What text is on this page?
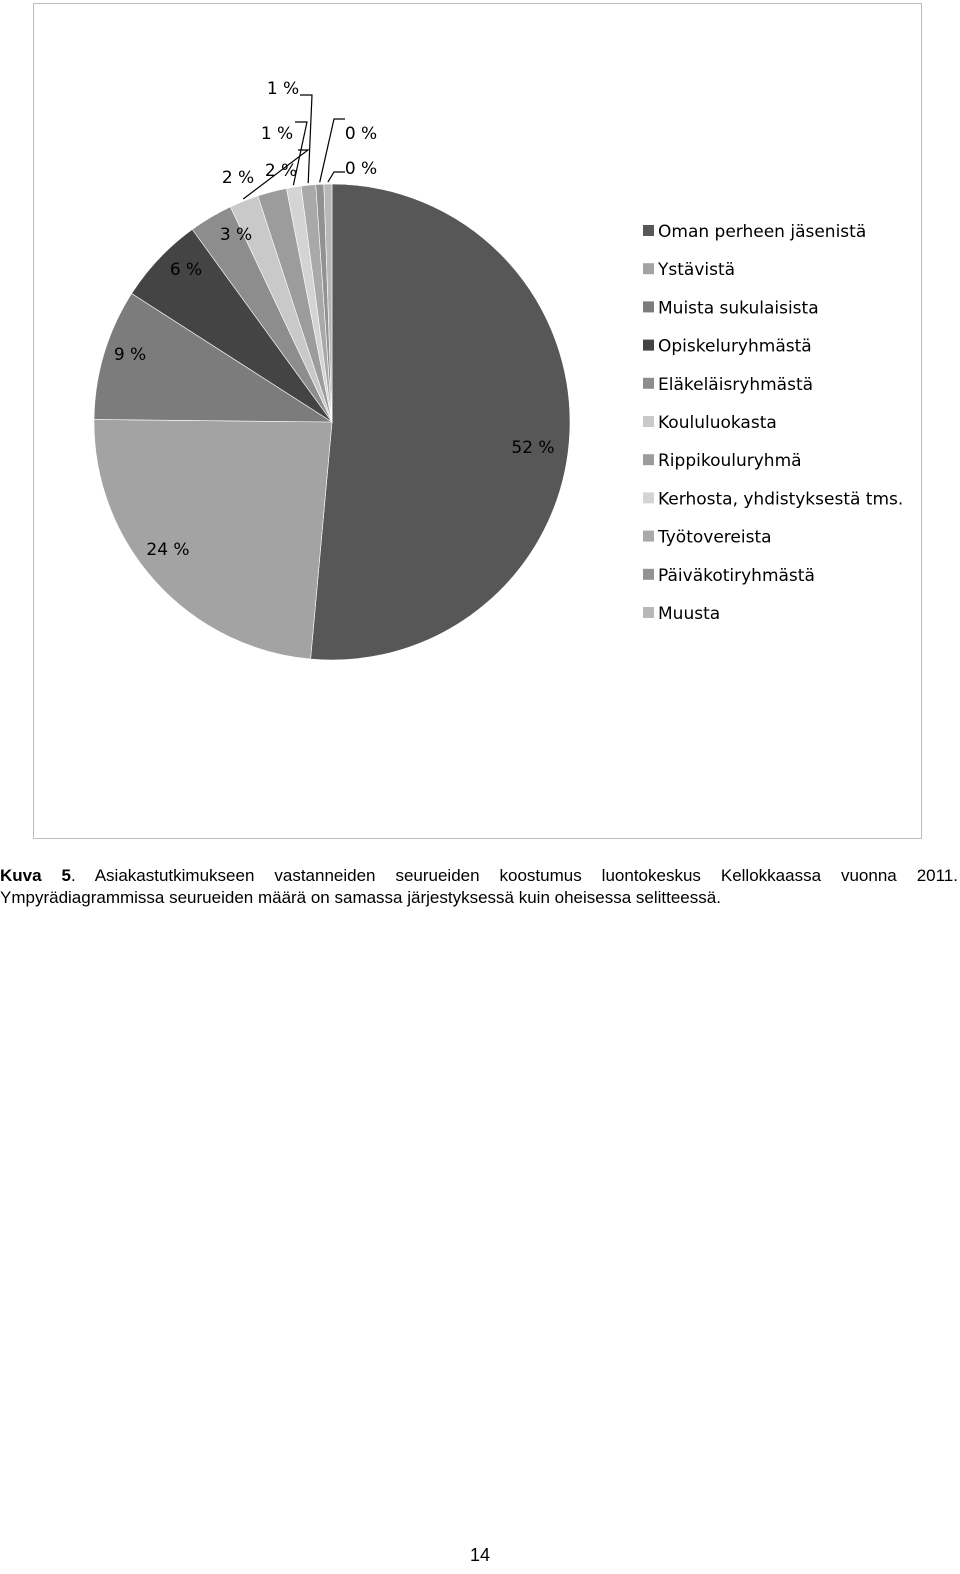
52 %
24 %
9 %
6 %
3 %
2 %
2 %
1 %
1 %
0 %
0 %
Oman perheen jäsenistä
Ystävistä
Muista sukulaisista
Opiskeluryhmästä
Eläkeläisryhmästä
Koululuokasta
Rippikouluryhmä
Kerhosta, yhdistyksestä tms.
Työtovereista
Päiväkotiryhmästä
Muusta
Kuva 5. Asiakastutkimukseen vastanneiden seurueiden koostumus luontokeskus Kellokkaassa vuonna 2011. Ympyrädiagrammissa seurueiden määrä on samassa järjestyksessä kuin oheisessa selitteessä.
14
